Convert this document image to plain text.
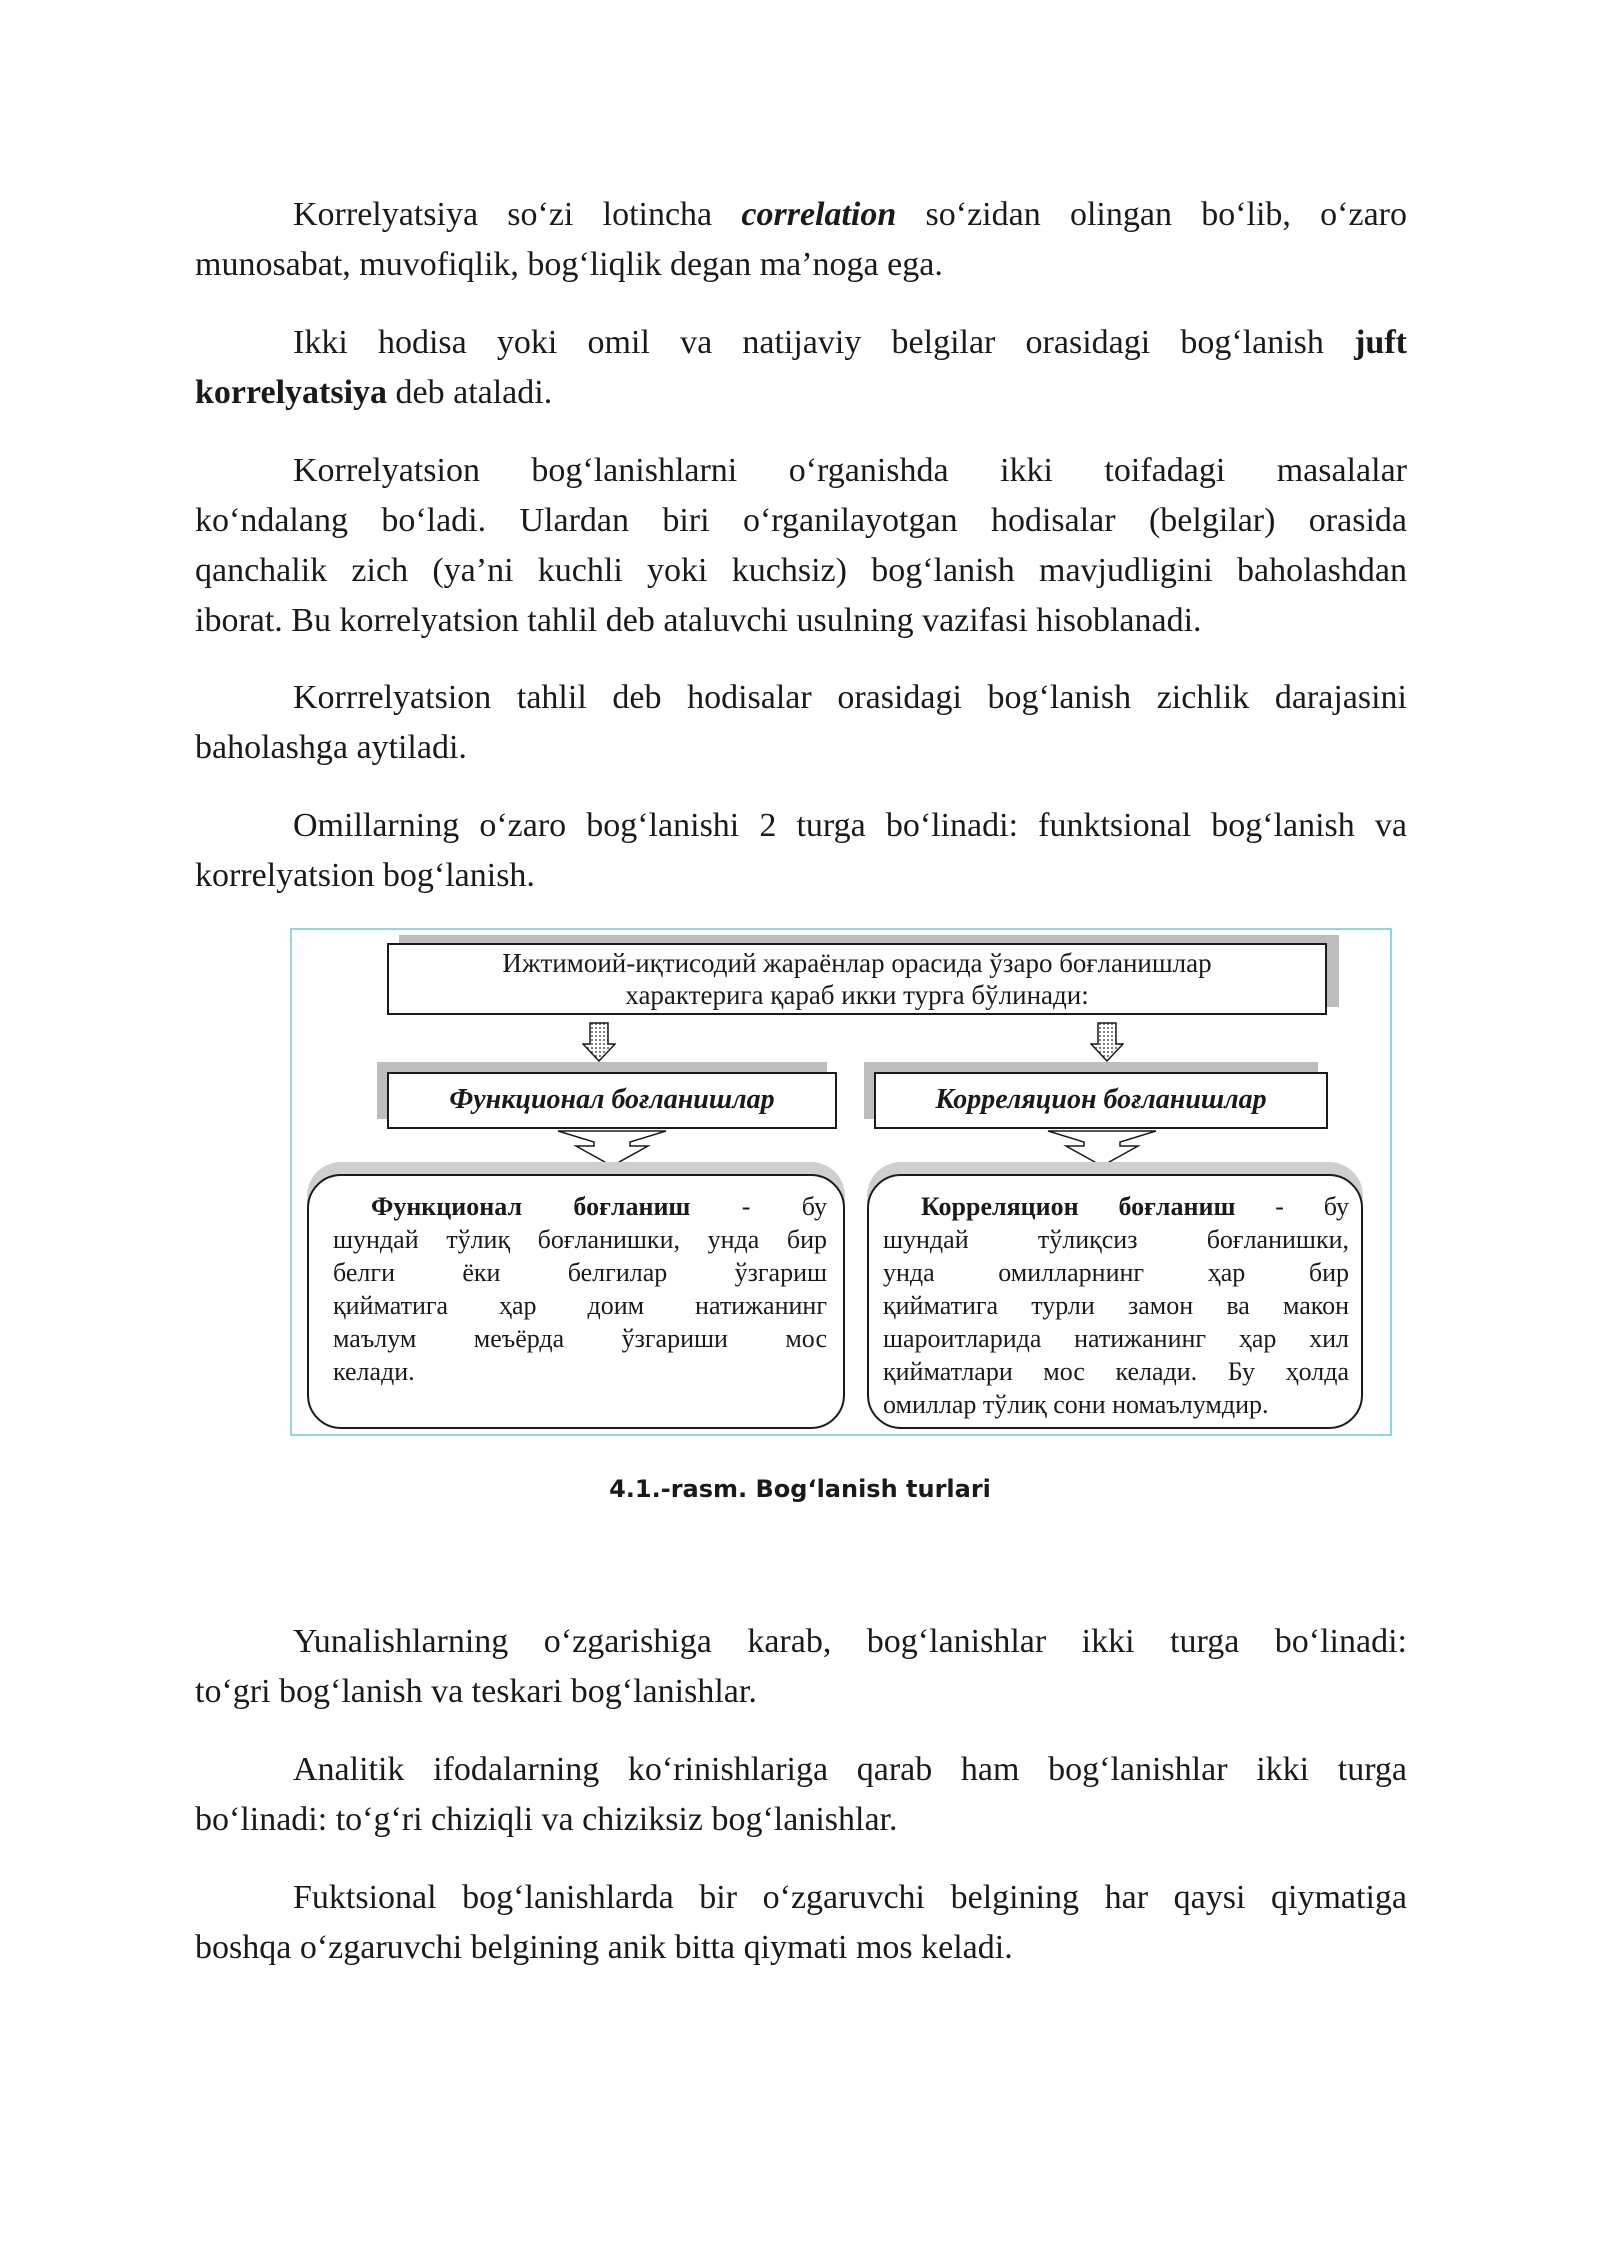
Korrelyatsiya so‘zi lotincha correlation so‘zidan olingan bo‘lib, o‘zaro
munosabat, muvofiqlik, bog‘liqlik degan ma’noga ega.
Ikki hodisa yoki omil va natijaviy belgilar orasidagi bog‘lanish juft
korrelyatsiya deb ataladi.
Korrelyatsion bog‘lanishlarni o‘rganishda ikki toifadagi masalalar
ko‘ndalang bo‘ladi. Ulardan biri o‘rganilayotgan hodisalar (belgilar) orasida
qanchalik zich (ya’ni kuchli yoki kuchsiz) bog‘lanish mavjudligini baholashdan
iborat. Bu korrelyatsion tahlil deb ataluvchi usulning vazifasi hisoblanadi.
Korrrelyatsion tahlil deb hodisalar orasidagi bog‘lanish zichlik darajasini
baholashga aytiladi.
Omillarning o‘zaro bog‘lanishi 2 turga bo‘linadi: funktsional bog‘lanish va
korrelyatsion bog‘lanish.
Ижтимоий-иқтисодий жараёнлар орасида ўзаро боғланишлар
характерига қараб икки турга бўлинади:
Функционал боғланишлар	Корреляцион боғланишлар
Функционал боғланиш - бу
шундай тўлиқ боғланишки, унда бир
белги ёки белгилар ўзгариш
қийматига ҳар доим натижанинг
маълум меъёрда ўзгариши мос
келади.
Корреляцион боғланиш - бу
шундай тўлиқсиз боғланишки,
унда омилларнинг ҳар бир
қийматига турли замон ва макон
шароитларида натижанинг ҳар хил
қийматлари мос келади. Бу ҳолда
омиллар тўлиқ сони номаълумдир.
4.1.-rasm. Bog‘lanish turlari
Yunalishlarning o‘zgarishiga karab, bog‘lanishlar ikki turga bo‘linadi:
to‘gri bog‘lanish va teskari bog‘lanishlar.
Analitik ifodalarning ko‘rinishlariga qarab ham bog‘lanishlar ikki turga
bo‘linadi: to‘g‘ri chiziqli va chiziksiz bog‘lanishlar.
Fuktsional bog‘lanishlarda bir o‘zgaruvchi belgining har qaysi qiymatiga
boshqa o‘zgaruvchi belgining anik bitta qiymati mos keladi.
